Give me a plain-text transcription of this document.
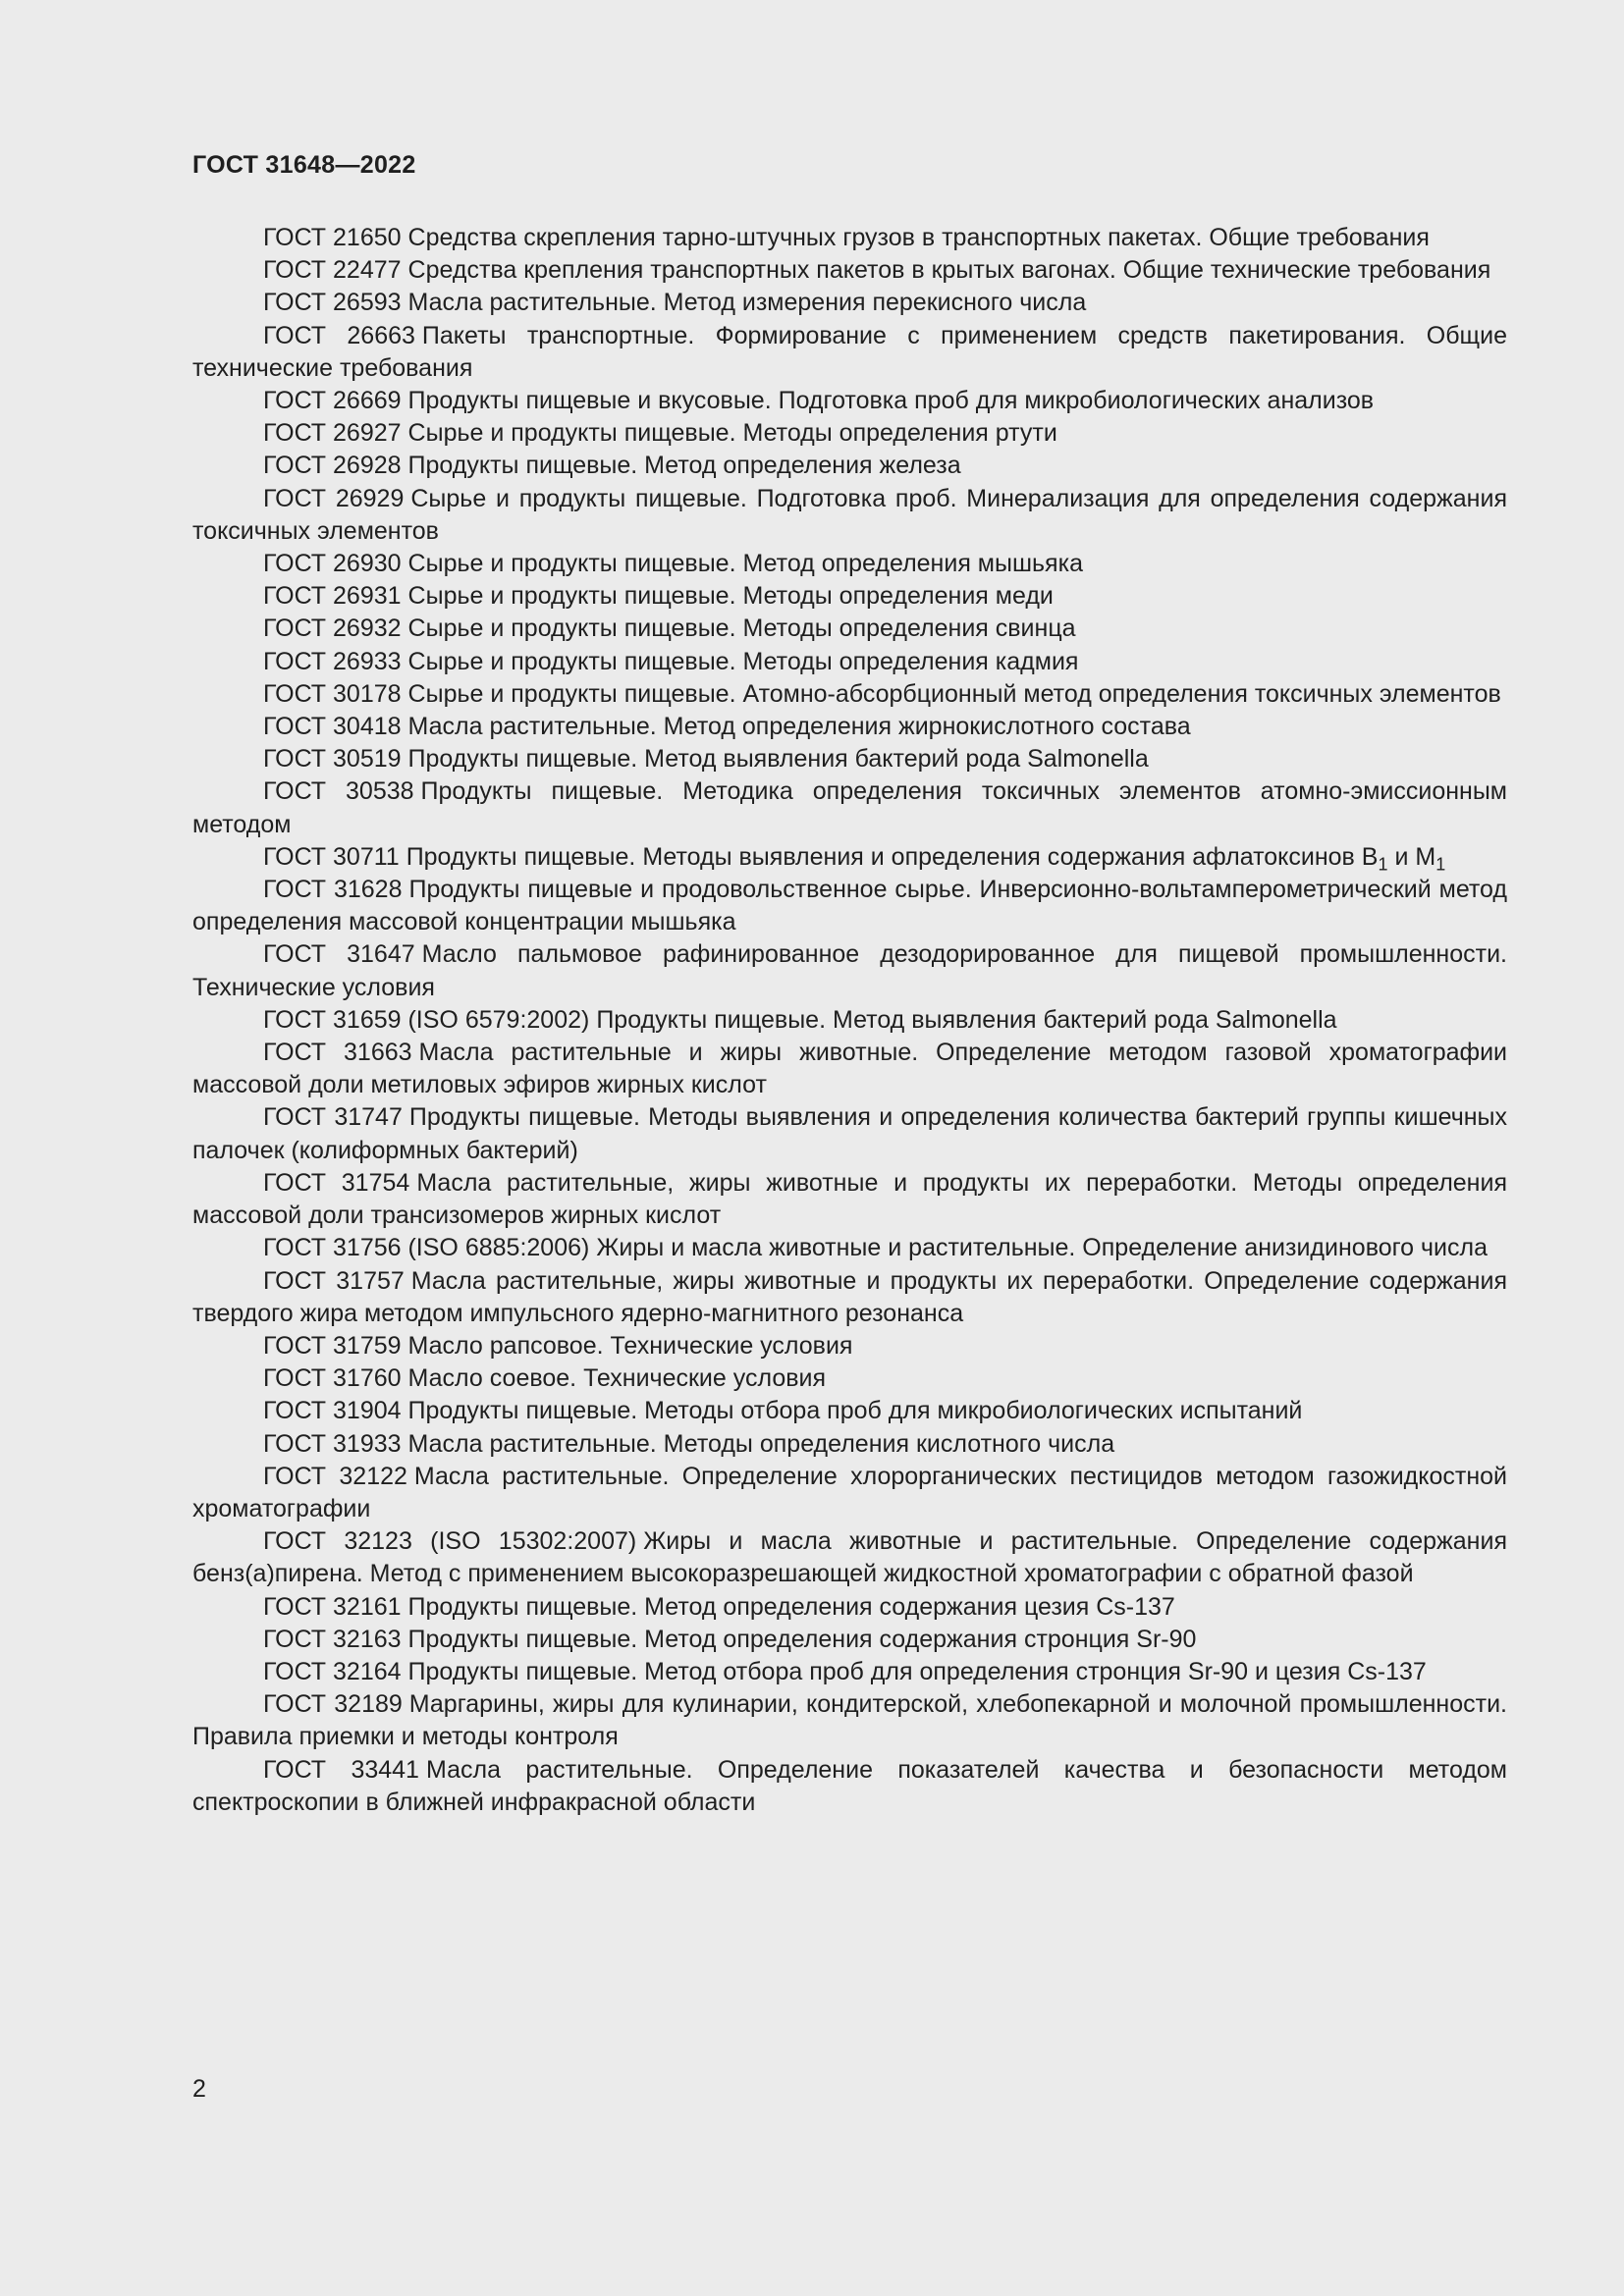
ГОСТ 31648—2022

ГОСТ 21650 Средства скрепления тарно-штучных грузов в транспортных пакетах. Общие требования

ГОСТ 22477 Средства крепления транспортных пакетов в крытых вагонах. Общие технические требования

ГОСТ 26593 Масла растительные. Метод измерения перекисного числа

ГОСТ 26663 Пакеты транспортные. Формирование с применением средств пакетирования. Общие технические требования

ГОСТ 26669 Продукты пищевые и вкусовые. Подготовка проб для микробиологических анализов

ГОСТ 26927 Сырье и продукты пищевые. Методы определения ртути

ГОСТ 26928 Продукты пищевые. Метод определения железа

ГОСТ 26929 Сырье и продукты пищевые. Подготовка проб. Минерализация для определения содержания токсичных элементов

ГОСТ 26930 Сырье и продукты пищевые. Метод определения мышьяка

ГОСТ 26931 Сырье и продукты пищевые. Методы определения меди

ГОСТ 26932 Сырье и продукты пищевые. Методы определения свинца

ГОСТ 26933 Сырье и продукты пищевые. Методы определения кадмия

ГОСТ 30178 Сырье и продукты пищевые. Атомно-абсорбционный метод определения токсичных элементов

ГОСТ 30418 Масла растительные. Метод определения жирнокислотного состава

ГОСТ 30519 Продукты пищевые. Метод выявления бактерий рода Salmonella

ГОСТ 30538 Продукты пищевые. Методика определения токсичных элементов атомно-эмиссионным методом

ГОСТ 30711 Продукты пищевые. Методы выявления и определения содержания афлатоксинов $B_1$ и $M_1$

ГОСТ 31628 Продукты пищевые и продовольственное сырье. Инверсионно-вольтамперометрический метод определения массовой концентрации мышьяка

ГОСТ 31647 Масло пальмовое рафинированное дезодорированное для пищевой промышленности. Технические условия

ГОСТ 31659 (ISO 6579:2002) Продукты пищевые. Метод выявления бактерий рода Salmonella

ГОСТ 31663 Масла растительные и жиры животные. Определение методом газовой хроматографии массовой доли метиловых эфиров жирных кислот

ГОСТ 31747 Продукты пищевые. Методы выявления и определения количества бактерий группы кишечных палочек (колиформных бактерий)

ГОСТ 31754 Масла растительные, жиры животные и продукты их переработки. Методы определения массовой доли трансизомеров жирных кислот

ГОСТ 31756 (ISO 6885:2006) Жиры и масла животные и растительные. Определение анизидинового числа

ГОСТ 31757 Масла растительные, жиры животные и продукты их переработки. Определение содержания твердого жира методом импульсного ядерно-магнитного резонанса

ГОСТ 31759 Масло рапсовое. Технические условия

ГОСТ 31760 Масло соевое. Технические условия

ГОСТ 31904 Продукты пищевые. Методы отбора проб для микробиологических испытаний

ГОСТ 31933 Масла растительные. Методы определения кислотного числа

ГОСТ 32122 Масла растительные. Определение хлорорганических пестицидов методом газожидкостной хроматографии

ГОСТ 32123 (ISO 15302:2007) Жиры и масла животные и растительные. Определение содержания бенз(а)пирена. Метод с применением высокоразрешающей жидкостной хроматографии с обратной фазой

ГОСТ 32161 Продукты пищевые. Метод определения содержания цезия Cs-137

ГОСТ 32163 Продукты пищевые. Метод определения содержания стронция Sr-90

ГОСТ 32164 Продукты пищевые. Метод отбора проб для определения стронция Sr-90 и цезия Cs-137

ГОСТ 32189 Маргарины, жиры для кулинарии, кондитерской, хлебопекарной и молочной промышленности. Правила приемки и методы контроля

ГОСТ 33441 Масла растительные. Определение показателей качества и безопасности методом спектроскопии в ближней инфракрасной области

2
